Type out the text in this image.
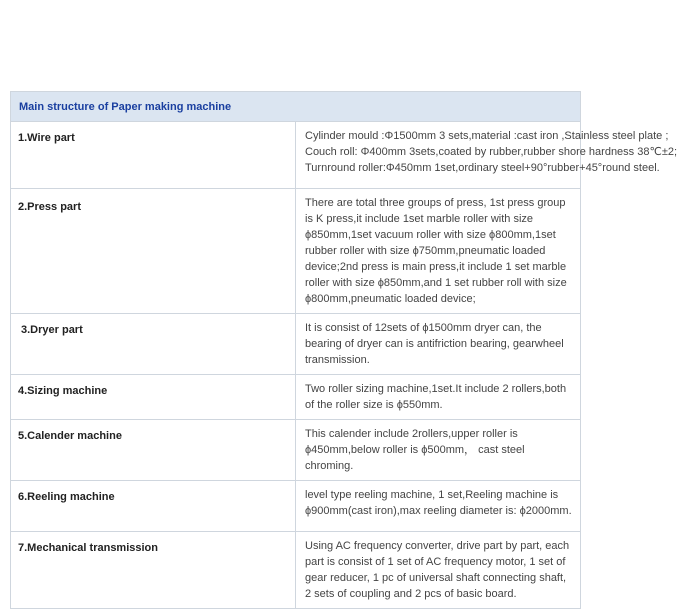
Main structure of Paper making machine	
1.Wire part	Cylinder mould :Φ1500mm 3 sets,material :cast iron ,Stainless steel plate ;
Couch roll: Φ400mm 3sets,coated by rubber,rubber shore hardness 38℃±2;
Turnround roller:Φ450mm 1set,ordinary steel+90°rubber+45°round steel.

2.Press part	There are total three groups of press, 1st press group is K press,it include 1set marble roller with size ϕ850mm,1set vacuum roller with size ϕ800mm,1set rubber roller with size ϕ750mm,pneumatic loaded device;2nd press is main press,it include 1 set marble roller with size ϕ850mm,and 1 set rubber roll with size ϕ800mm,pneumatic loaded device;
3.Dryer part	It is consist of 12sets of ϕ1500mm dryer can, the bearing of dryer can is antifriction bearing, gearwheel transmission.
4.Sizing machine	Two roller sizing machine,1set.It include 2 rollers,both of the roller size is ϕ550mm.
5.Calender machine	This calender include 2rollers,upper roller is ϕ450mm,below roller is ϕ500mm， cast steel chroming.
6.Reeling machine	level type reeling machine, 1 set,Reeling machine is ϕ900mm(cast iron),max reeling diameter is: ϕ2000mm.
7.Mechanical transmission	Using AC frequency converter, drive part by part, each part is consist of 1 set of AC frequency motor, 1 set of gear reducer, 1 pc of universal shaft connecting shaft, 2 sets of coupling and 2 pcs of basic board.
